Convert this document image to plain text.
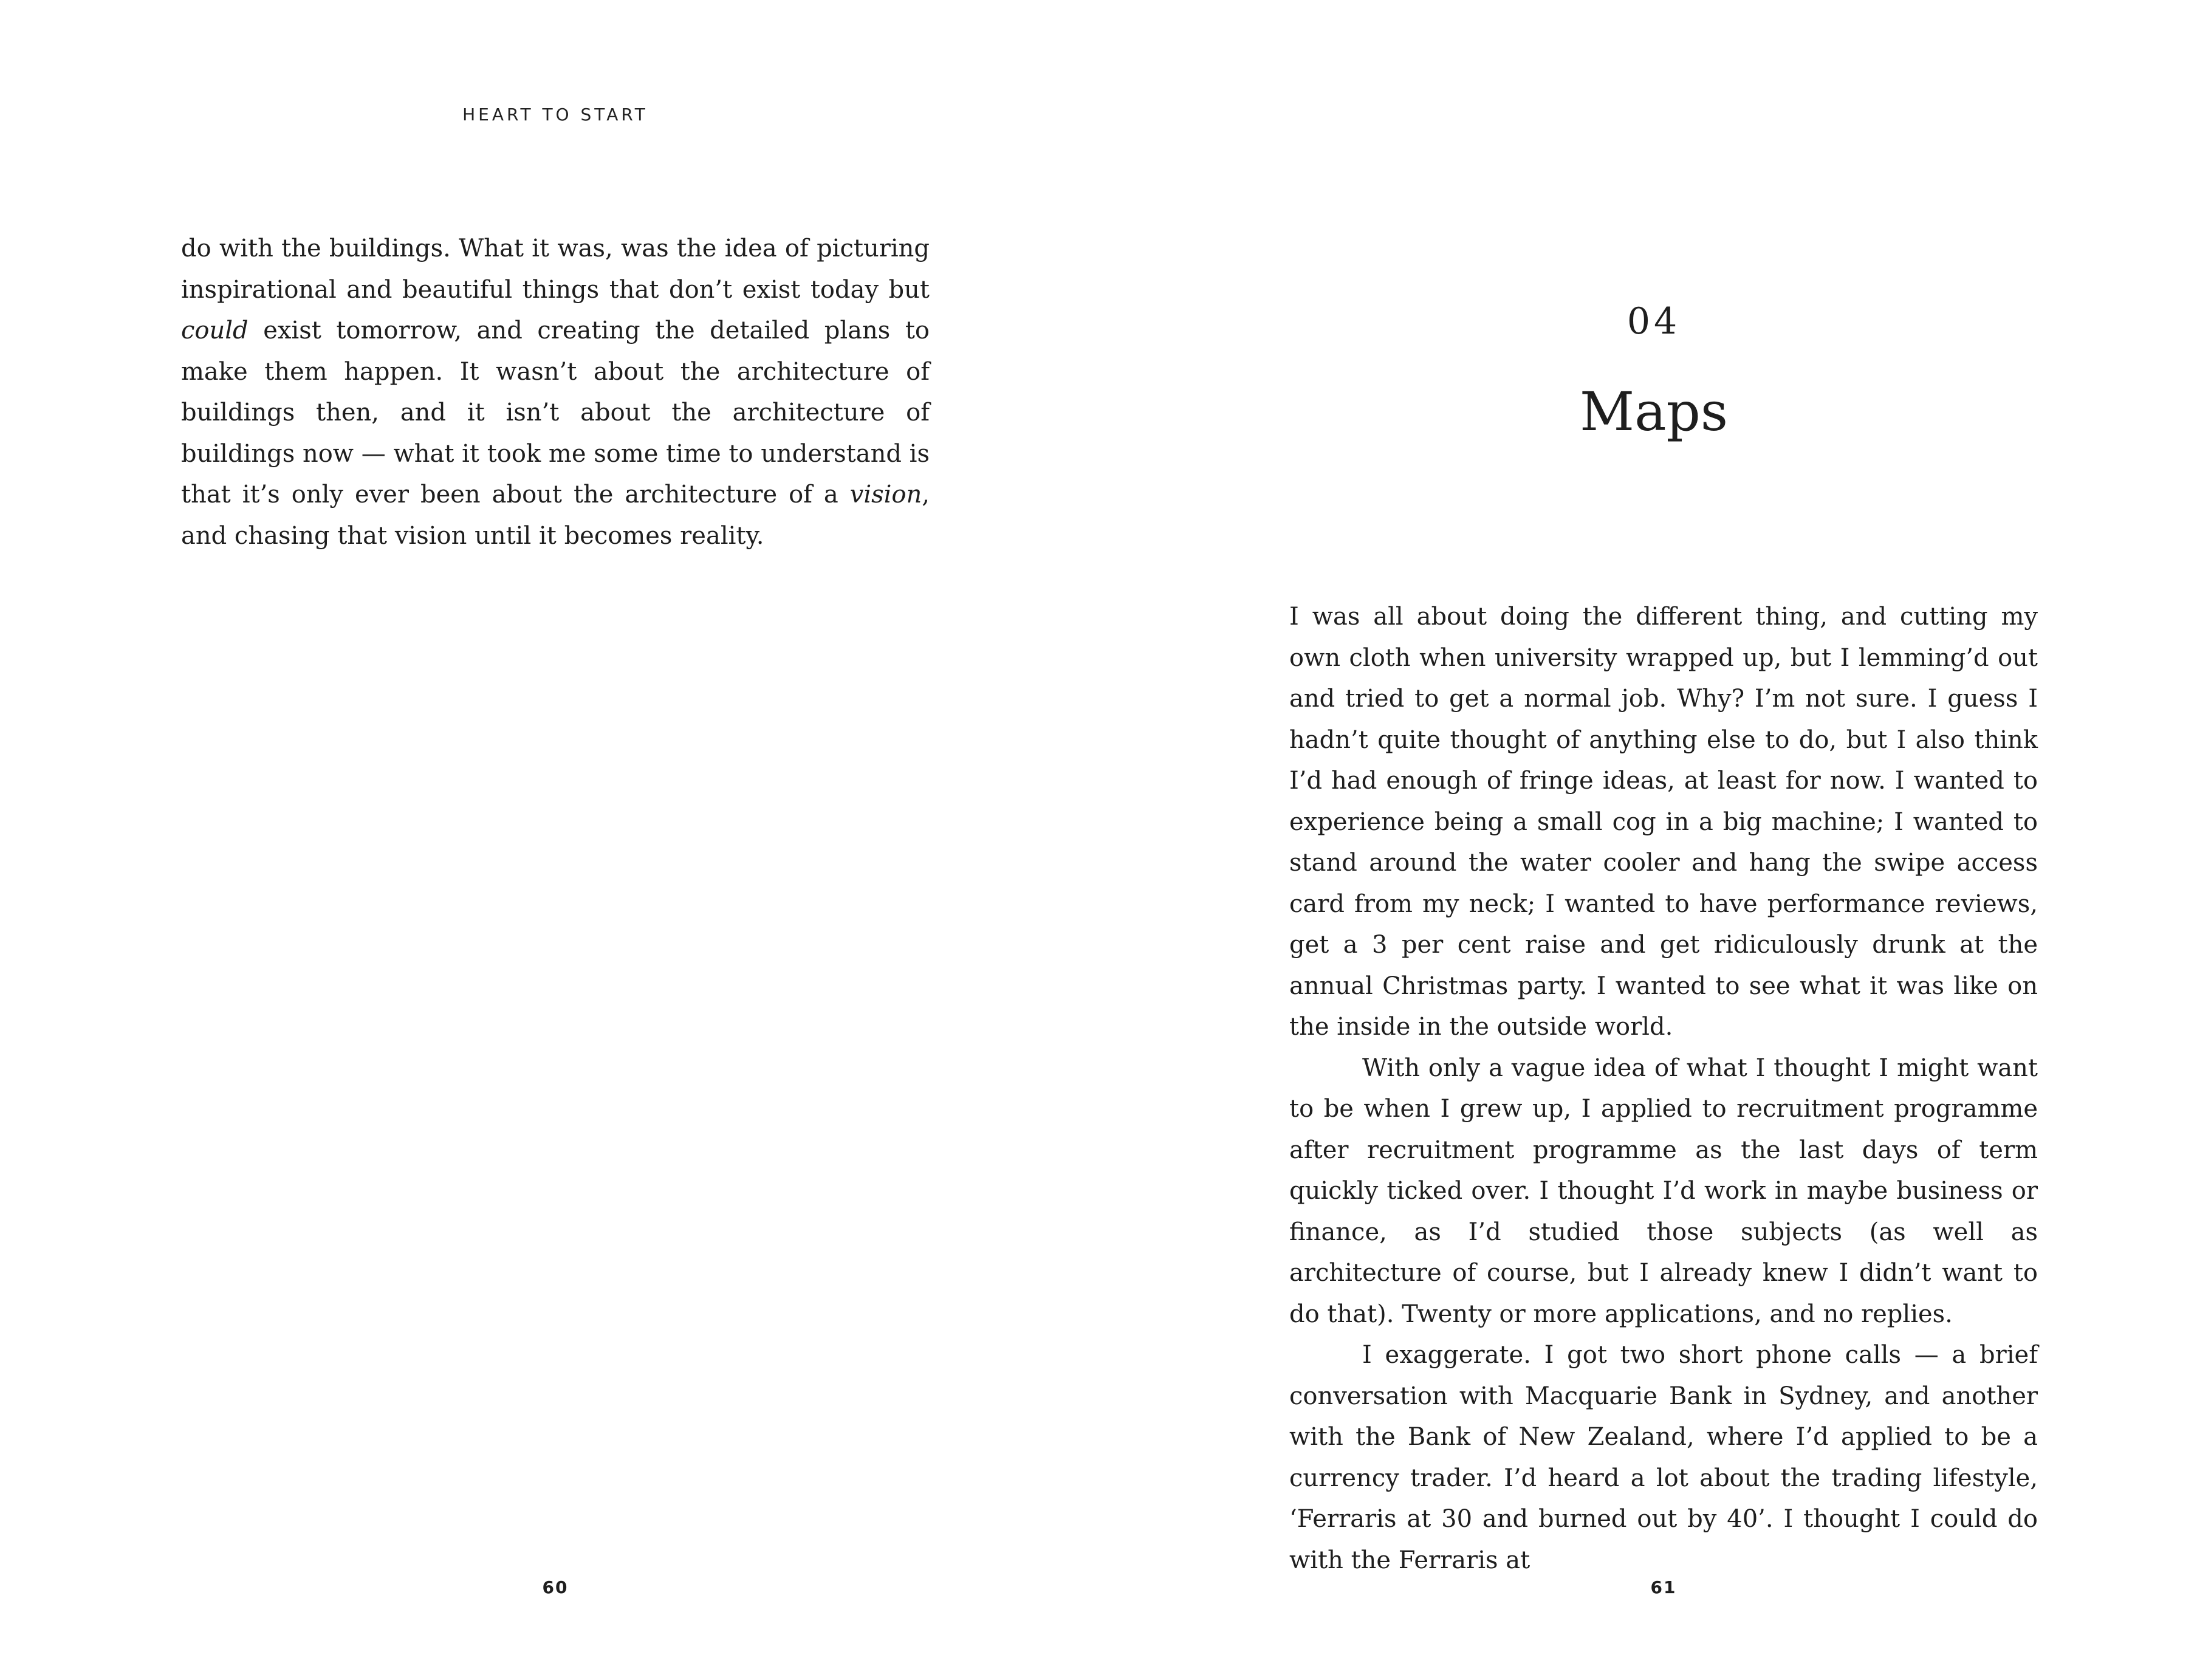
HEART TO START

do with the buildings. What it was, was the idea of picturing inspirational and beautiful things that don’t exist today but could exist tomorrow, and creating the detailed plans to make them happen. It wasn’t about the architecture of buildings then, and it isn’t about the architecture of buildings now — what it took me some time to understand is that it’s only ever been about the architecture of a vision, and chasing that vision until it becomes reality.

60
04
Maps

I was all about doing the different thing, and cutting my own cloth when university wrapped up, but I lemming’d out and tried to get a normal job. Why? I’m not sure. I guess I hadn’t quite thought of anything else to do, but I also think I’d had enough of fringe ideas, at least for now. I wanted to experience being a small cog in a big machine; I wanted to stand around the water cooler and hang the swipe access card from my neck; I wanted to have performance reviews, get a 3 per cent raise and get ridiculously drunk at the annual Christmas party. I wanted to see what it was like on the inside in the outside world.

With only a vague idea of what I thought I might want to be when I grew up, I applied to recruitment programme after recruitment programme as the last days of term quickly ticked over. I thought I’d work in maybe business or finance, as I’d studied those subjects (as well as architecture of course, but I already knew I didn’t want to do that). Twenty or more applications, and no replies.

I exaggerate. I got two short phone calls — a brief conversation with Macquarie Bank in Sydney, and another with the Bank of New Zealand, where I’d applied to be a currency trader. I’d heard a lot about the trading lifestyle, ‘Ferraris at 30 and burned out by 40’. I thought I could do with the Ferraris at

61
